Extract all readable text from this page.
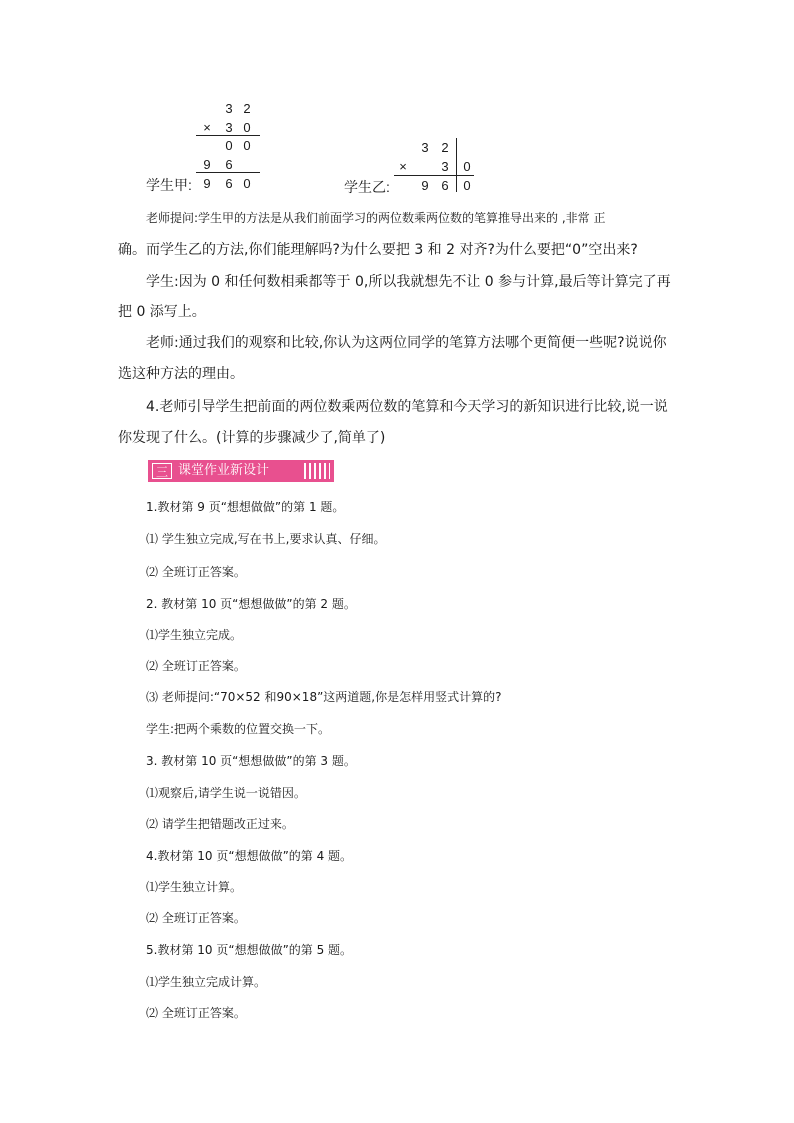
3 2
× 3 0
0 0
9 6
学生甲: 9 6 0
3 2
×	3 0
学生乙: 9 6 0
老师提问:学生甲的方法是从我们前面学习的两位数乘两位数的笔算推导出来的 ,非常 正
确。而学生乙的方法,你们能理解吗?为什么要把 3 和 2 对齐?为什么要把“0”空出来?
学生:因为 0 和任何数相乘都等于 0,所以我就想先不让 0 参与计算,最后等计算完了再
把 0 添写上。
老师:通过我们的观察和比较,你认为这两位同学的笔算方法哪个更简便一些呢?说说你
选这种方法的理由。
4.老师引导学生把前面的两位数乘两位数的笔算和今天学习的新知识进行比较,说一说
你发现了什么。(计算的步骤减少了,简单了)
三 课堂作业新设计
1.教材第 9 页“想想做做”的第 1 题。
⑴ 学生独立完成,写在书上,要求认真、仔细。
⑵ 全班订正答案。
2. 教材第 10 页“想想做做”的第 2 题。
⑴学生独立完成。
⑵ 全班订正答案。
⑶ 老师提问:“70×52 和90×18”这两道题,你是怎样用竖式计算的?
学生:把两个乘数的位置交换一下。
3. 教材第 10 页“想想做做”的第 3 题。
⑴观察后,请学生说一说错因。
⑵ 请学生把错题改正过来。
4.教材第 10 页“想想做做”的第 4 题。
⑴学生独立计算。
⑵ 全班订正答案。
5.教材第 10 页“想想做做”的第 5 题。
⑴学生独立完成计算。
⑵ 全班订正答案。
